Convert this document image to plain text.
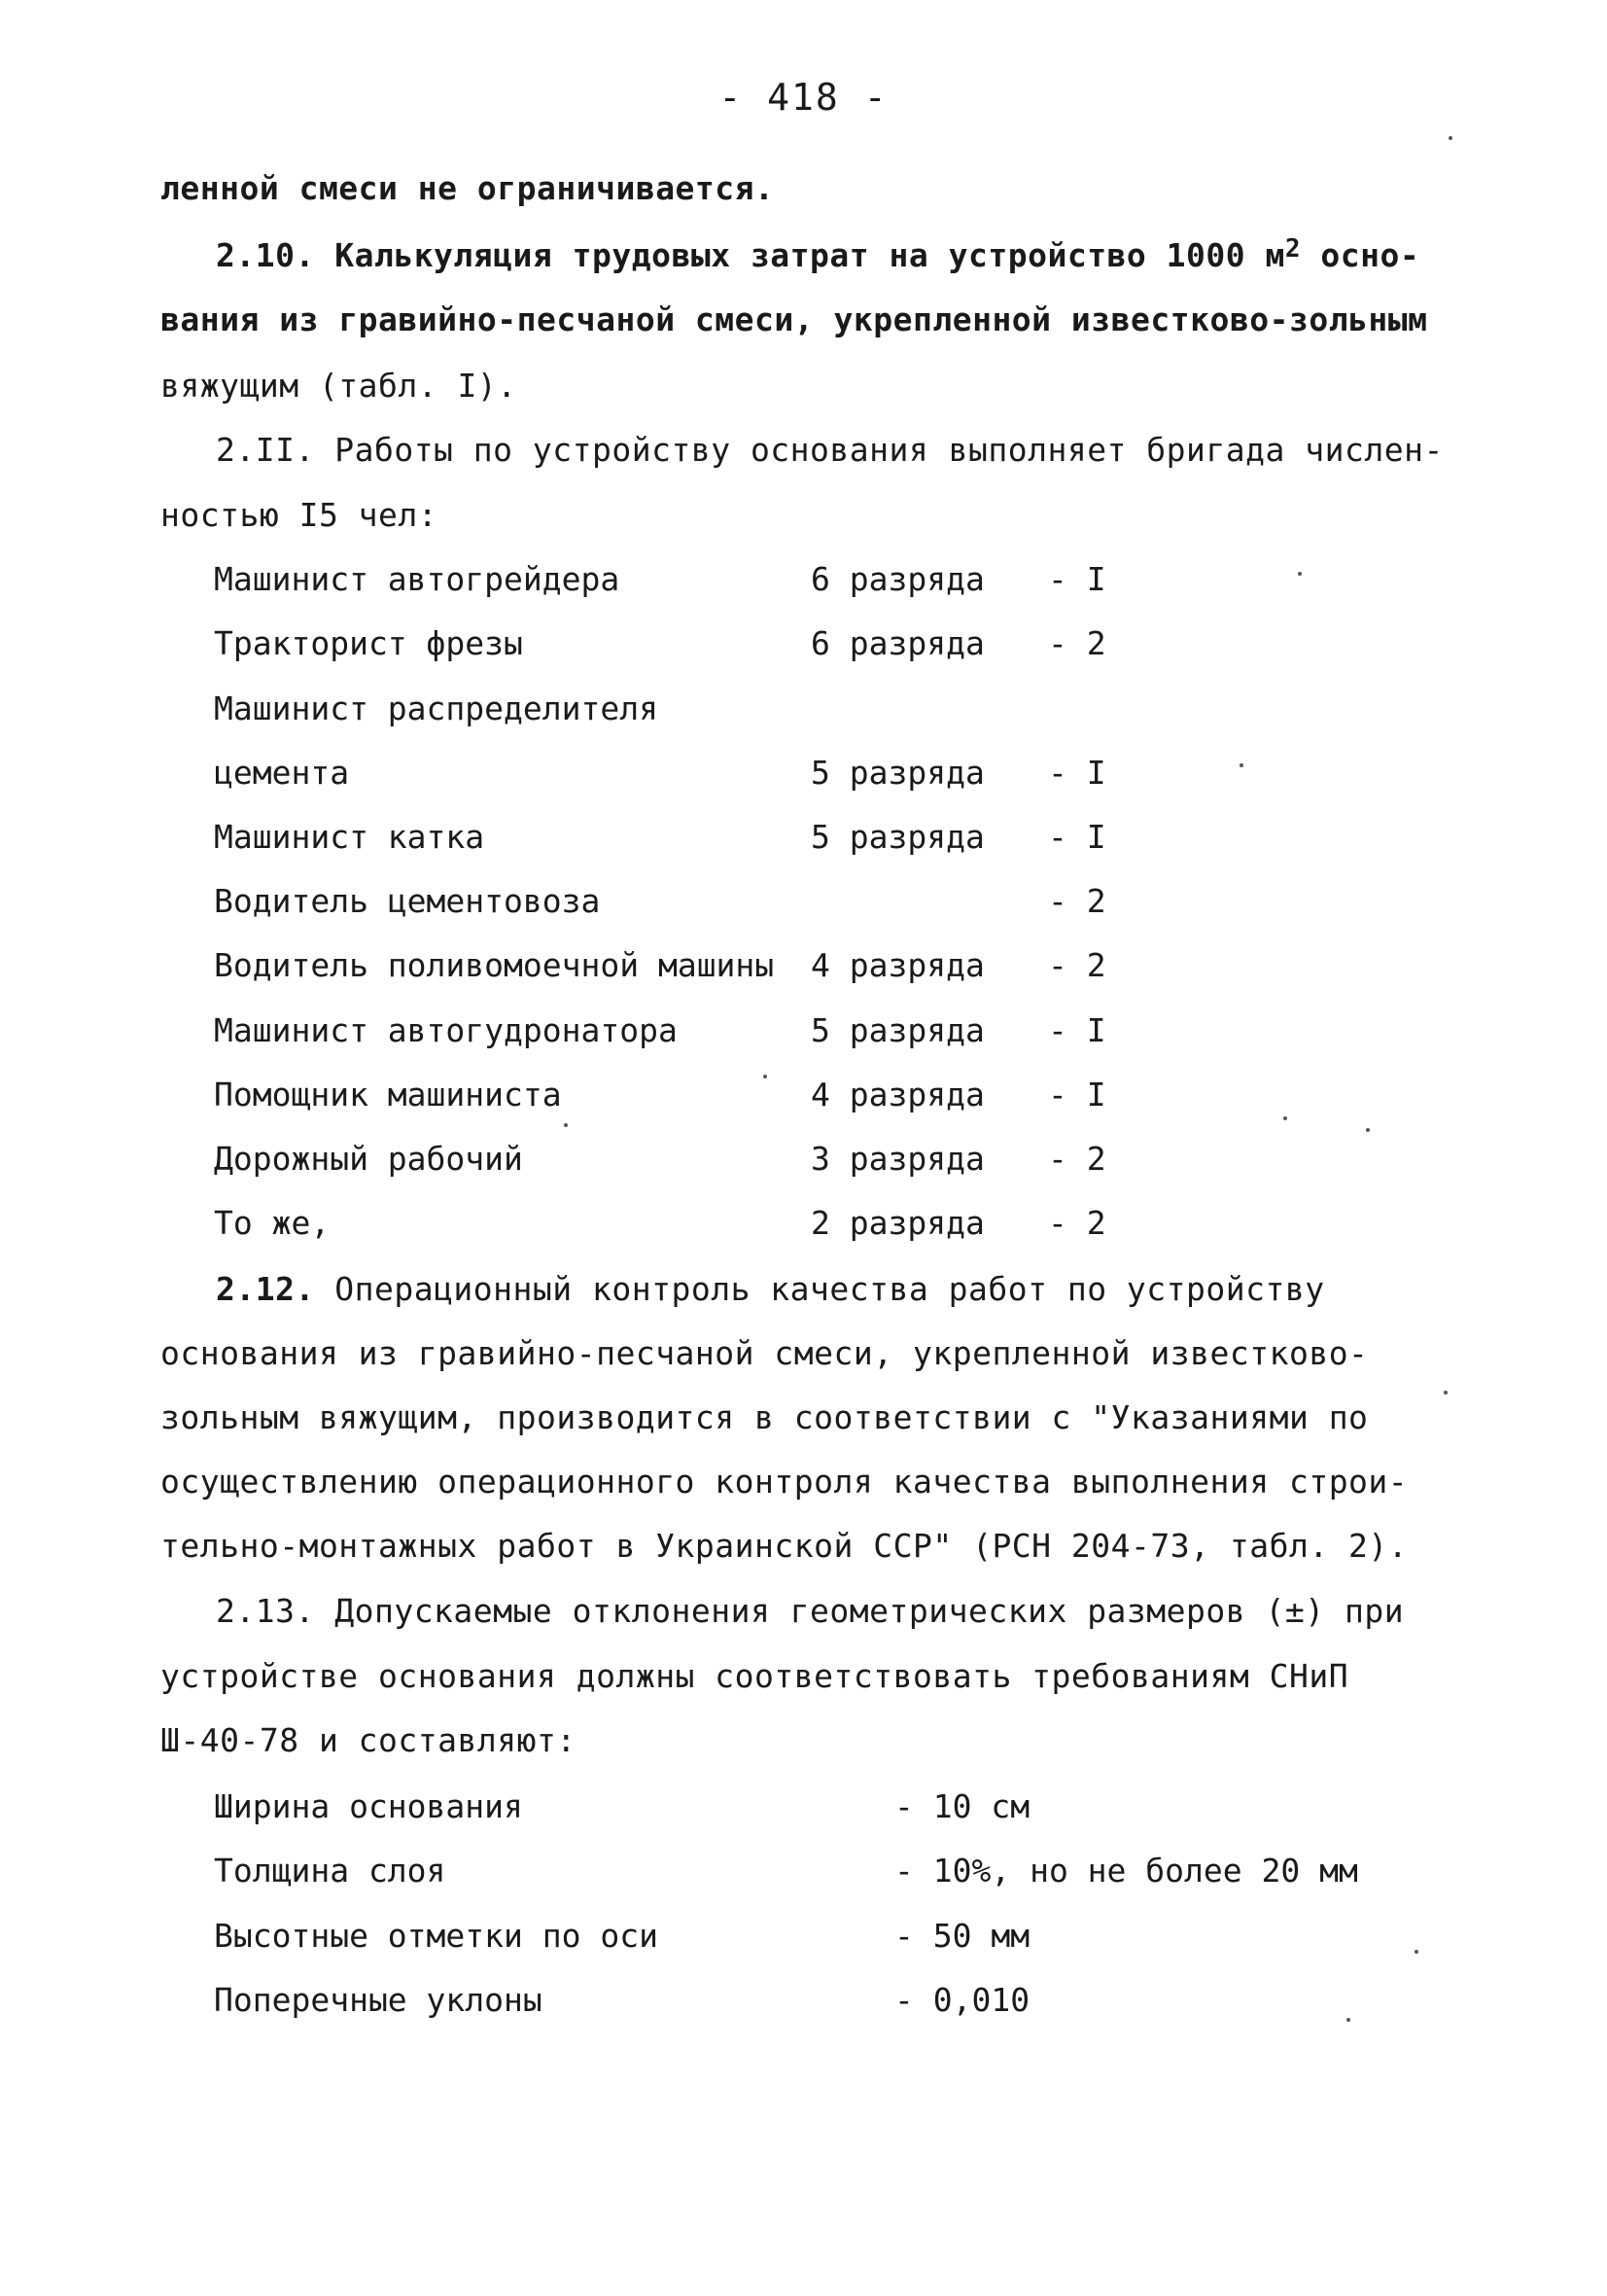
- 418 -
ленной смеси не ограничивается.
2.10. Калькуляция трудовых затрат на устройство 1000 $м^2$ осно-
вания из гравийно-песчаной смеси, укрепленной известково-зольным
вяжущим (табл. I).
2.II. Работы по устройству основания выполняет бригада числен-
ностью I5 чел:
Машинист автогрейдера	6 разряда - I
Тракторист фрезы	6 разряда - 2
Машинист распределителя
цемента	5 разряда - I
Машинист катка	5 разряда - I
Водитель цементовоза	- 2
Водитель поливомоечной машины 4 разряда - 2
Машинист автогудронатора	5 разряда - I
Помощник машиниста	4 разряда - I
Дорожный рабочий	3 разряда - 2
То же,	2 разряда - 2
2.12. Операционный контроль качества работ по устройству
основания из гравийно-песчаной смеси, укрепленной известково-
зольным вяжущим, производится в соответствии с "Указаниями по
осуществлению операционного контроля качества выполнения строи-
тельно-монтажных работ в Украинской ССР" (РСН 204-73, табл. 2).
2.13. Допускаемые отклонения геометрических размеров (±) при
устройстве основания должны соответствовать требованиям СНиП
Ш-40-78 и составляют:
Ширина основания	- 10 см
Толщина слоя	- 10%, но не более 20 мм
Высотные отметки по оси	- 50 мм
Поперечные уклоны	- 0,010
